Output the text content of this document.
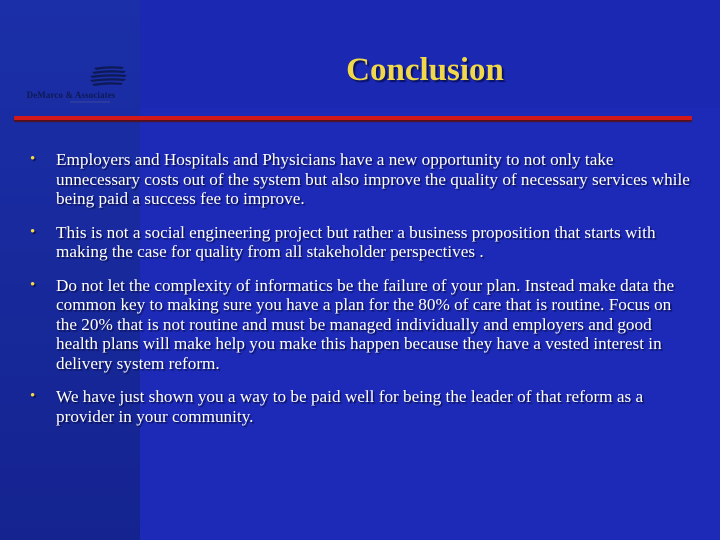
DeMarco & Associates
Conclusion
• Employers and Hospitals and Physicians have a new opportunity to not only take unnecessary costs out of the system but also improve the quality of necessary services while being paid a success fee to improve.
• This is not a social engineering project but rather a business proposition that starts with making the case for quality from all stakeholder perspectives .
• Do not let the complexity of informatics be the failure of your plan. Instead make data the common key to making sure you have a plan for the 80% of care that is routine. Focus on the 20% that is not routine and must be managed individually and employers and good health plans will make help you make this happen because they have a vested interest in delivery system reform.
• We have just shown you a way to be paid well for being the leader of that reform as a provider in your community.
